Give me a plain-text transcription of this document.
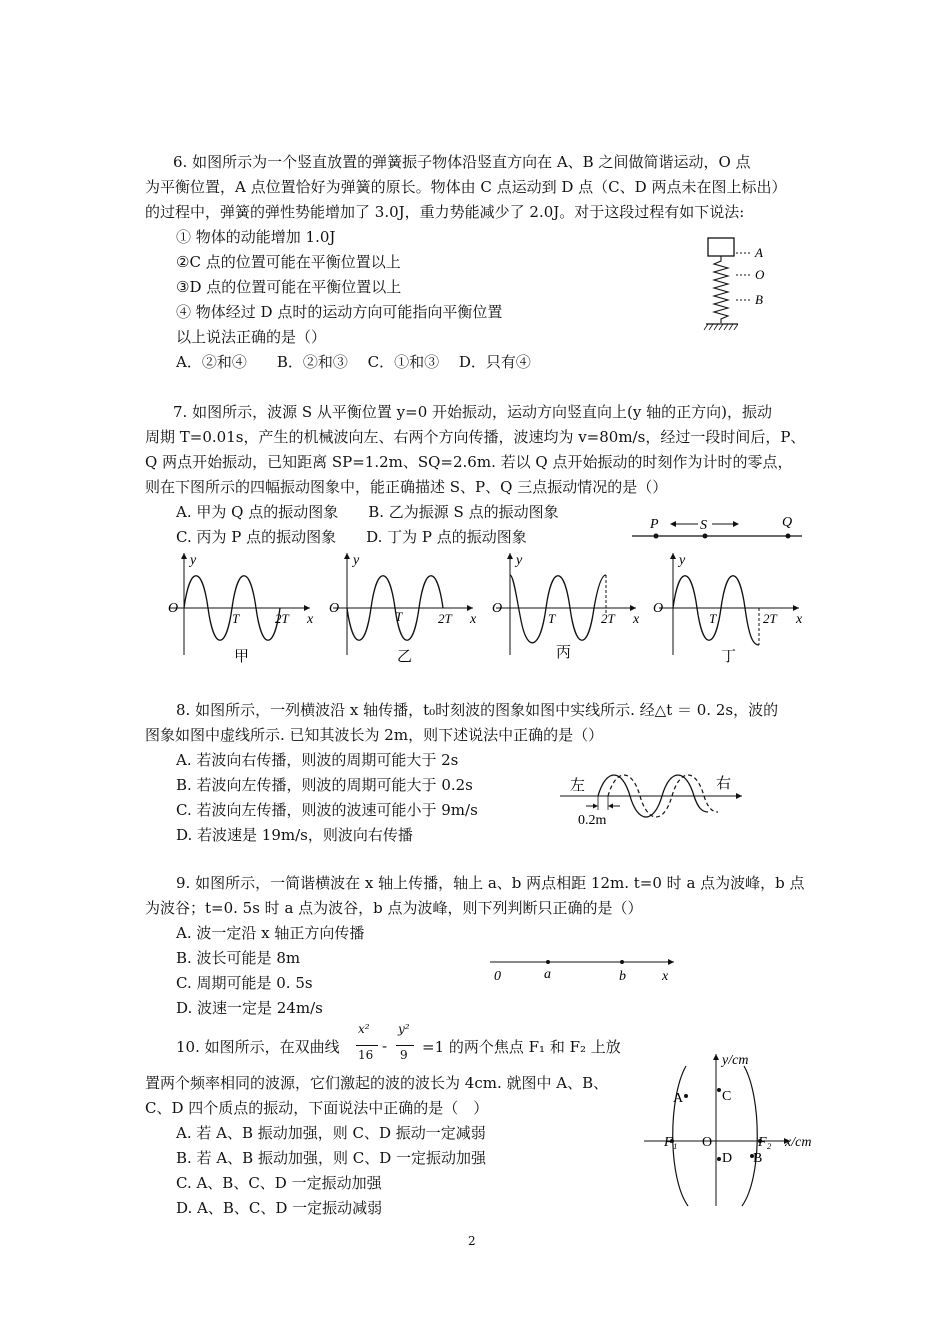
6. 如图所示为一个竖直放置的弹簧振子物体沿竖直方向在 A、B 之间做简谐运动，O 点
为平衡位置，A 点位置恰好为弹簧的原长。物体由 C 点运动到 D 点（C、D 两点未在图上标出）
的过程中，弹簧的弹性势能增加了 3.0J，重力势能减少了 2.0J。对于这段过程有如下说法:
① 物体的动能增加 1.0J
②C 点的位置可能在平衡位置以上
③D 点的位置可能在平衡位置以上
④ 物体经过 D 点时的运动方向可能指向平衡位置
以上说法正确的是（）
A．②和④　　B．②和③　 C．①和③　 D．只有④
A
O
B
7. 如图所示，波源 S 从平衡位置 y=0 开始振动，运动方向竖直向上(y 轴的正方向)，振动
周期 T=0.01s，产生的机械波向左、右两个方向传播，波速均为 v=80m/s，经过一段时间后，P、
Q 两点开始振动，已知距离 SP=1.2m、SQ=2.6m. 若以 Q 点开始振动的时刻作为计时的零点，
则在下图所示的四幅振动图象中，能正确描述 S、P、Q 三点振动情况的是（）
A. 甲为 Q 点的振动图象　　B. 乙为振源 S 点的振动图象
C. 丙为 P 点的振动图象　　D. 丁为 P 点的振动图象
P	S	Q
y
O
T	2T x
甲
y
O
T	2T x
乙
y
O
T	2T x
丙
y
O
T	2T x
丁
8. 如图所示，一列横波沿 x 轴传播，t₀时刻波的图象如图中实线所示. 经△t ＝ 0. 2s，波的
图象如图中虚线所示. 已知其波长为 2m，则下述说法中正确的是（）
A. 若波向右传播，则波的周期可能大于 2s
B. 若波向左传播，则波的周期可能大于 0.2s
C. 若波向左传播，则波的波速可能小于 9m/s
D. 若波速是 19m/s，则波向右传播
左	右
0.2m
9. 如图所示，一简谐横波在 x 轴上传播，轴上 a、b 两点相距 12m. t=0 时 a 点为波峰，b 点
为波谷；t=0. 5s 时 a 点为波谷，b 点为波峰，则下列判断只正确的是（）
A. 波一定沿 x 轴正方向传播
B. 波长可能是 8m
C. 周期可能是 0. 5s
D. 波速一定是 24m/s
0	a	b	x
10. 如图所示，在双曲线
x²
16 -
y²
9 =1 的两个焦点 F₁ 和 F₂ 上放
置两个频率相同的波源，它们激起的波的波长为 4cm. 就图中 A、B、
C、D 四个质点的振动，下面说法中正确的是（　）
A. 若 A、B 振动加强，则 C、D 振动一定减弱
B. 若 A、B 振动加强，则 C、D 一定振动加强
C. A、B、C、D 一定振动加强
D. A、B、C、D 一定振动减弱
y/cm
x/cm
O
A	C
D B
F₁	F₂
2
